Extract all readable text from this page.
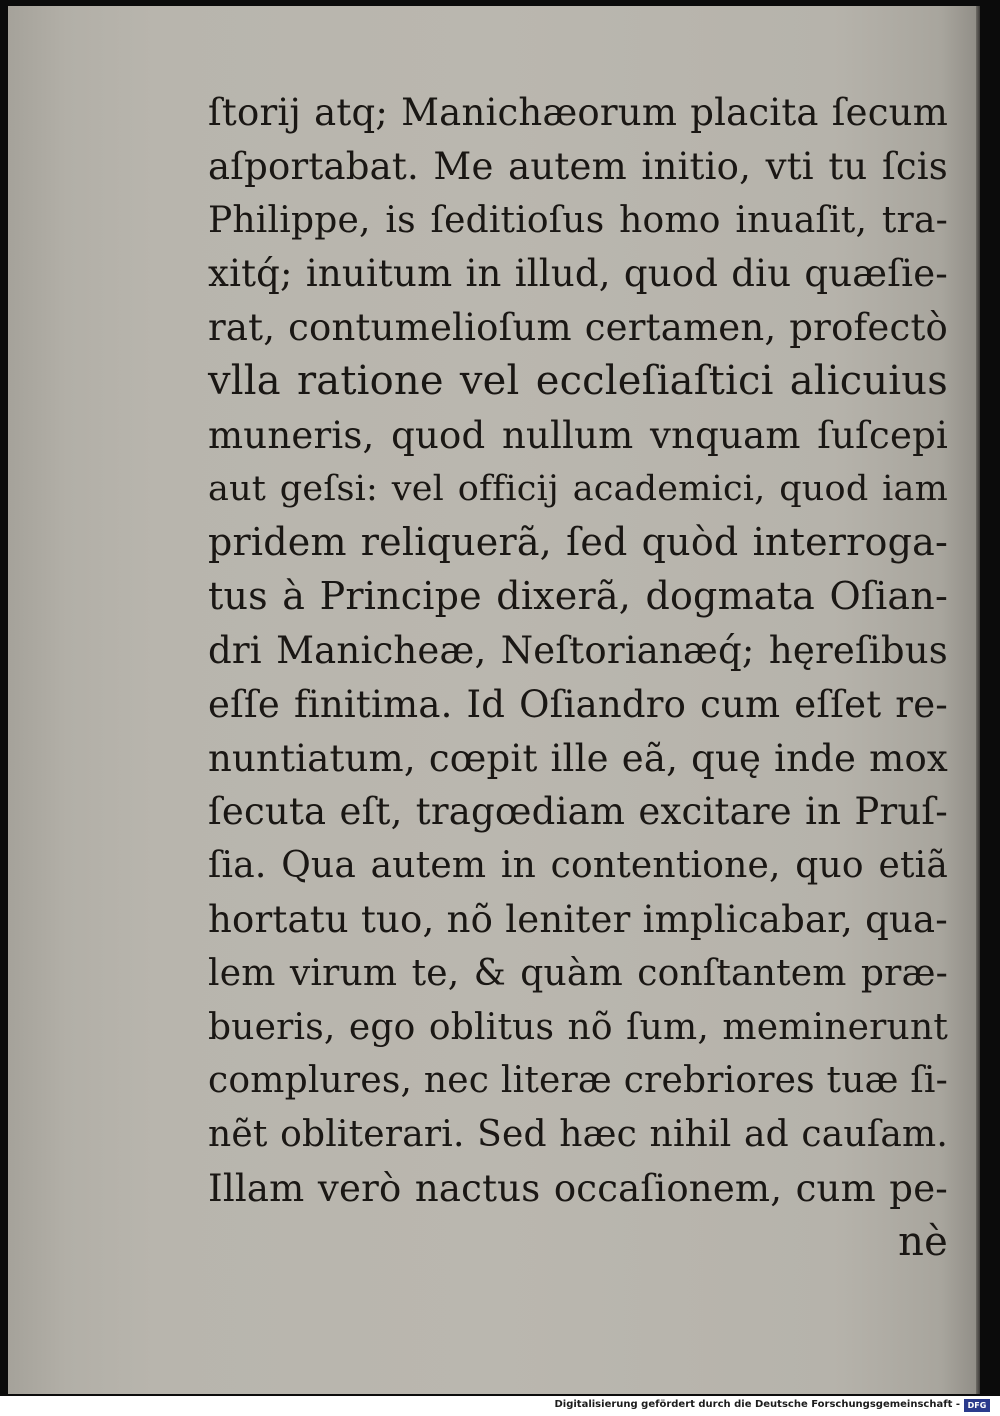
ſtorij atq; Manichæorum placita ſecum
aſportabat. Me autem initio, vti tu ſcis
Philippe, is ſeditioſus homo inuaſit, tra-
xitq́; inuitum in illud, quod diu quæſie-
rat, contumelioſum certamen, profectò
vlla ratione vel eccleſiaſtici alicuius
muneris, quod nullum vnquam ſuſcepi
aut geſsi: vel officij academici, quod iam
pridem reliquerã, ſed quòd interroga-
tus à Principe dixerã, dogmata Oſian-
dri Manicheæ, Neſtorianæq́; hęreſibus
eſſe finitima. Id Oſiandro cum eſſet re-
nuntiatum, cœpit ille eã, quę inde mox
ſecuta eſt, tragœdiam excitare in Pruſ-
ſia. Qua autem in contentione, quo etiã
hortatu tuo, nõ leniter implicabar, qua-
lem virum te, & quàm conſtantem præ-
bueris, ego oblitus nõ ſum, meminerunt
complures, nec literæ crebriores tuæ ſi-
nẽt obliterari. Sed hæc nihil ad cauſam.
Illam verò nactus occaſionem, cum pe-
nè
Digitalisierung gefördert durch die Deutsche Forschungsgemeinschaft - DFG
